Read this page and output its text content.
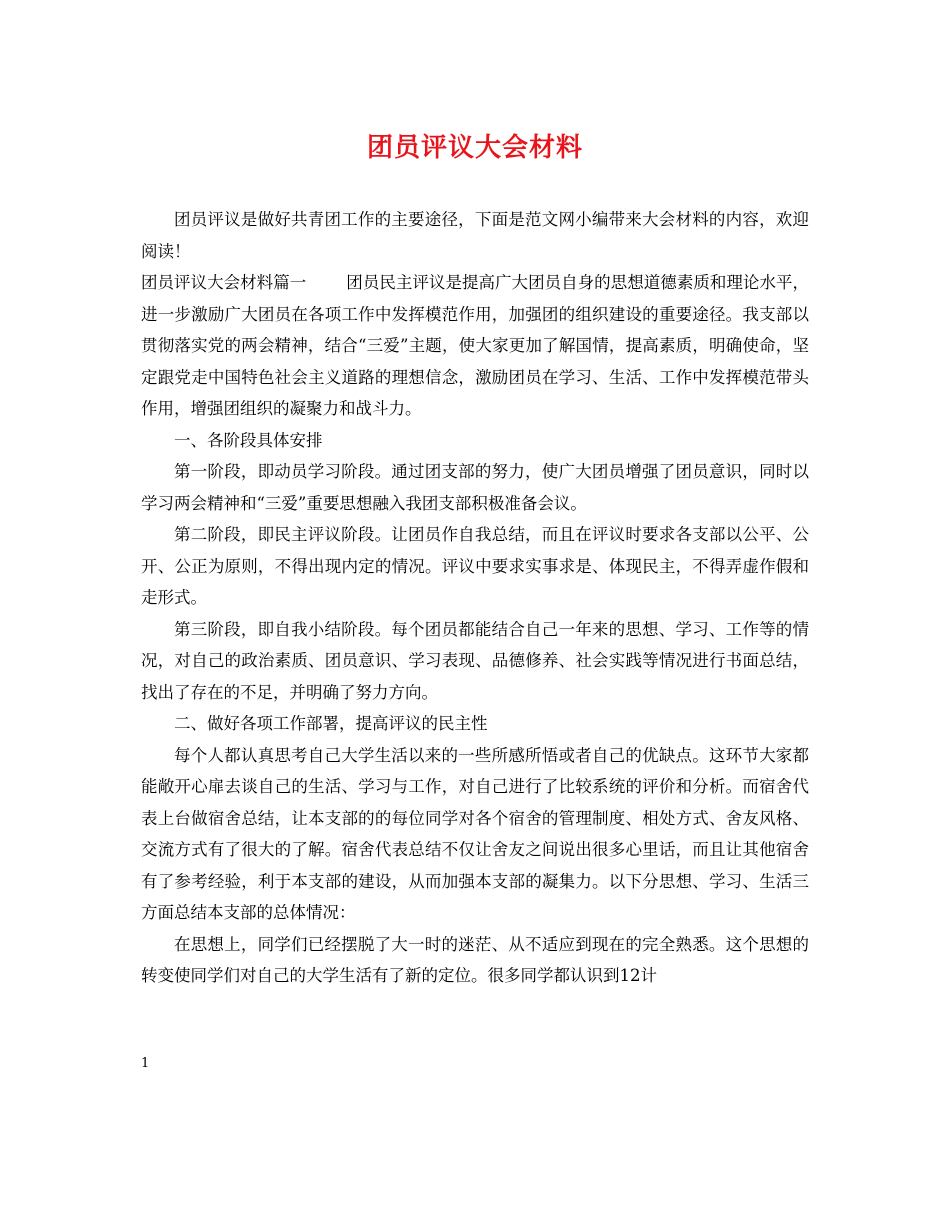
团员评议大会材料

团员评议是做好共青团工作的主要途径，下面是范文网小编带来大会材料的内容，欢迎阅读！

团员评议大会材料篇一 团员民主评议是提高广大团员自身的思想道德素质和理论水平，进一步激励广大团员在各项工作中发挥模范作用，加强团的组织建设的重要途径。我支部以贯彻落实党的两会精神，结合“三爱”主题，使大家更加了解国情，提高素质，明确使命，坚定跟党走中国特色社会主义道路的理想信念，激励团员在学习、生活、工作中发挥模范带头作用，增强团组织的凝聚力和战斗力。

一、各阶段具体安排

第一阶段，即动员学习阶段。通过团支部的努力，使广大团员增强了团员意识，同时以学习两会精神和“三爱”重要思想融入我团支部积极准备会议。

第二阶段，即民主评议阶段。让团员作自我总结，而且在评议时要求各支部以公平、公开、公正为原则，不得出现内定的情况。评议中要求实事求是、体现民主，不得弄虚作假和走形式。

第三阶段，即自我小结阶段。每个团员都能结合自己一年来的思想、学习、工作等的情况，对自己的政治素质、团员意识、学习表现、品德修养、社会实践等情况进行书面总结，找出了存在的不足，并明确了努力方向。

二、做好各项工作部署，提高评议的民主性

每个人都认真思考自己大学生活以来的一些所感所悟或者自己的优缺点。这环节大家都能敞开心扉去谈自己的生活、学习与工作，对自己进行了比较系统的评价和分析。而宿舍代表上台做宿舍总结，让本支部的的每位同学对各个宿舍的管理制度、相处方式、舍友风格、交流方式有了很大的了解。宿舍代表总结不仅让舍友之间说出很多心里话，而且让其他宿舍有了参考经验，利于本支部的建设，从而加强本支部的凝集力。以下分思想、学习、生活三方面总结本支部的总体情况：

在思想上，同学们已经摆脱了大一时的迷茫、从不适应到现在的完全熟悉。这个思想的转变使同学们对自己的大学生活有了新的定位。很多同学都认识到12计

1
